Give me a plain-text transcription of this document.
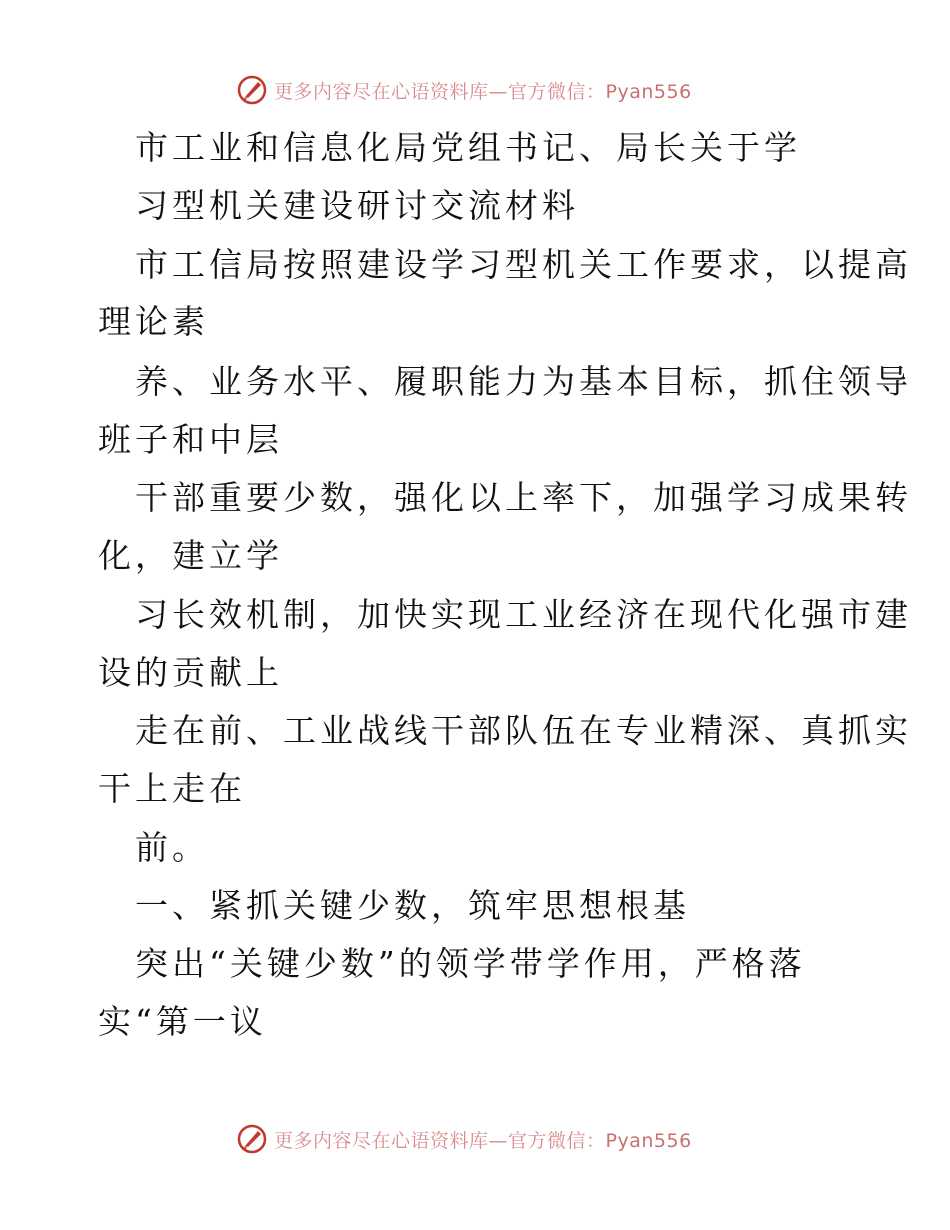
更多内容尽在心语资料库—官方微信：Pyan556
市工业和信息化局党组书记、局长关于学
习型机关建设研讨交流材料
市工信局按照建设学习型机关工作要求，以提高
理论素
养、业务水平、履职能力为基本目标，抓住领导
班子和中层
干部重要少数，强化以上率下，加强学习成果转
化，建立学
习长效机制，加快实现工业经济在现代化强市建
设的贡献上
走在前、工业战线干部队伍在专业精深、真抓实
干上走在
前。
一、紧抓关键少数，筑牢思想根基
突出“关键少数”的领学带学作用，严格落
实“第一议
更多内容尽在心语资料库—官方微信：Pyan556
